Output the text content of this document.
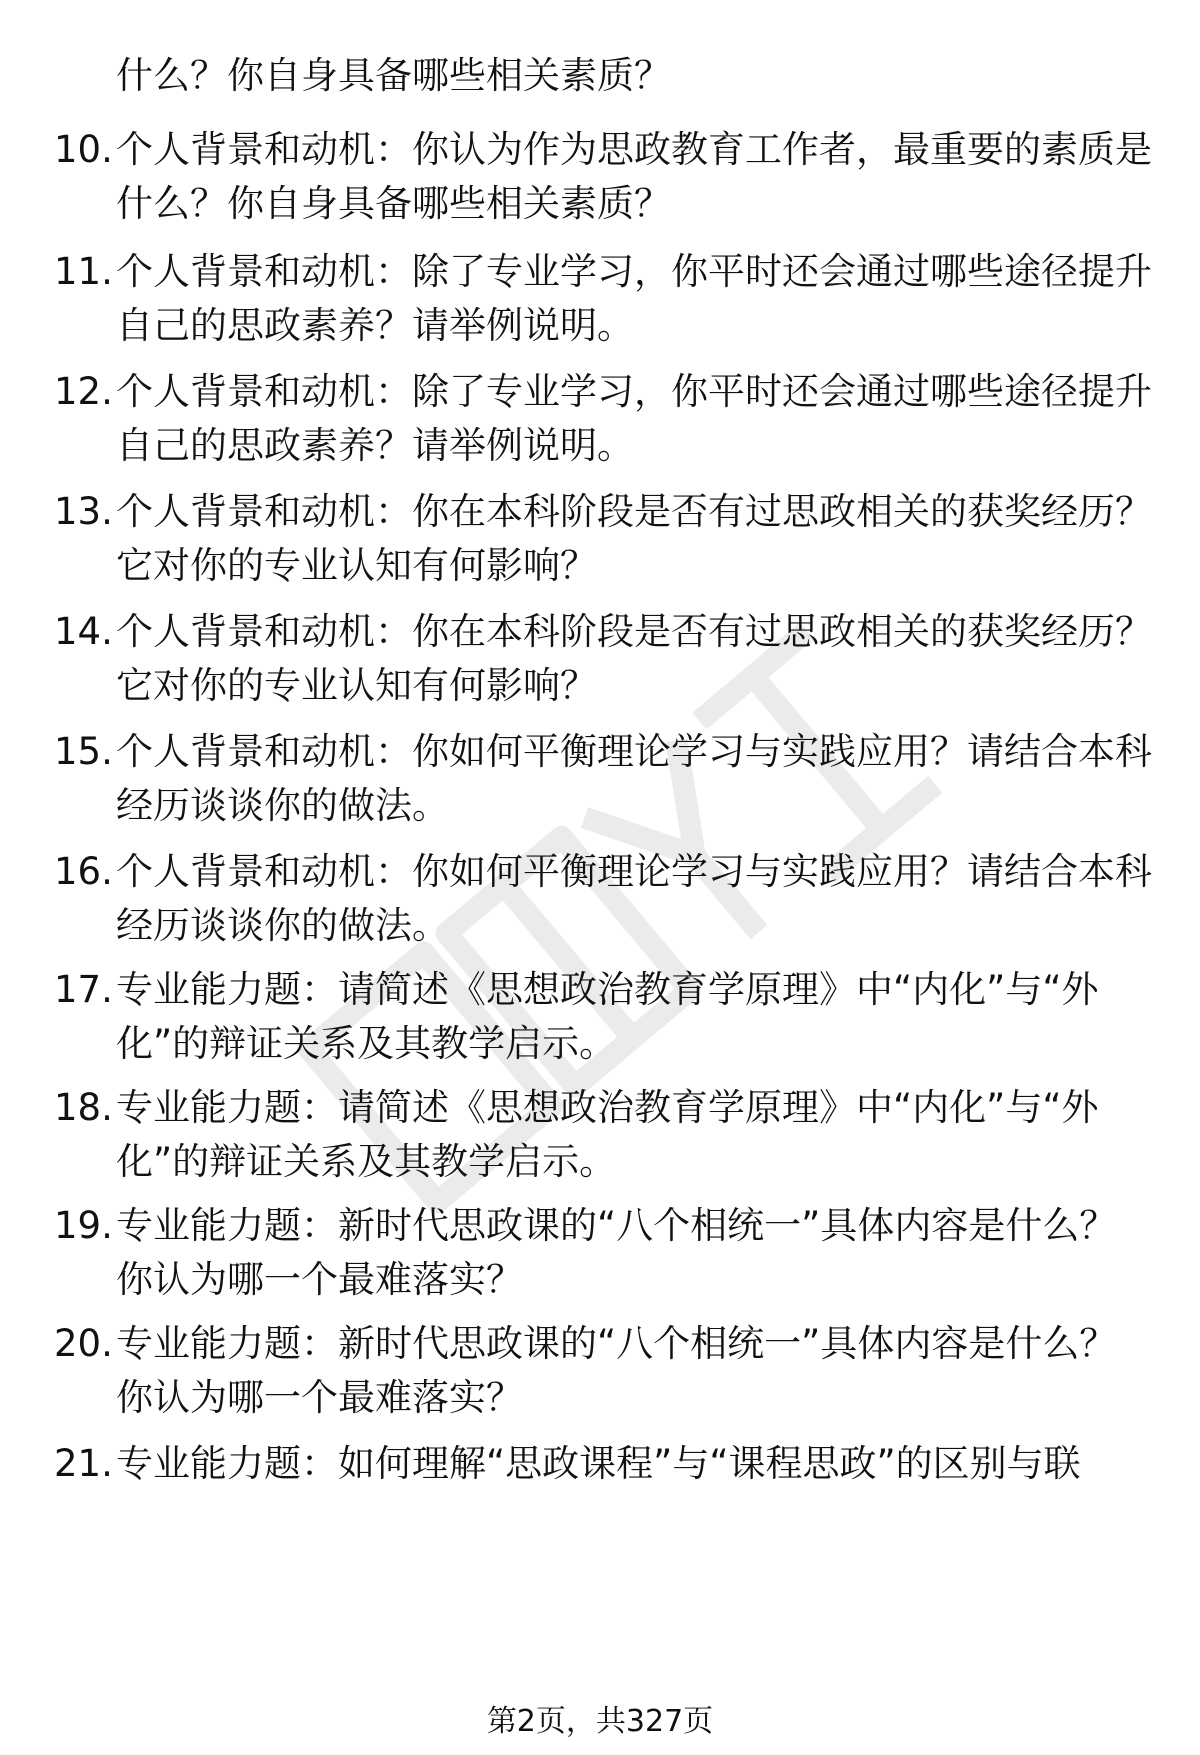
什么？你自身具备哪些相关素质？
10. 个人背景和动机：你认为作为思政教育工作者，最重要的素质是
什么？你自身具备哪些相关素质？
11. 个人背景和动机：除了专业学习，你平时还会通过哪些途径提升
自己的思政素养？请举例说明。
12. 个人背景和动机：除了专业学习，你平时还会通过哪些途径提升
自己的思政素养？请举例说明。
13. 个人背景和动机：你在本科阶段是否有过思政相关的获奖经历？
它对你的专业认知有何影响？
14. 个人背景和动机：你在本科阶段是否有过思政相关的获奖经历？
它对你的专业认知有何影响？
15. 个人背景和动机：你如何平衡理论学习与实践应用？请结合本科
经历谈谈你的做法。
16. 个人背景和动机：你如何平衡理论学习与实践应用？请结合本科
经历谈谈你的做法。
17. 专业能力题：请简述《思想政治教育学原理》中“内化”与“外
化”的辩证关系及其教学启示。
18. 专业能力题：请简述《思想政治教育学原理》中“内化”与“外
化”的辩证关系及其教学启示。
19. 专业能力题：新时代思政课的“八个相统一”具体内容是什么？
你认为哪一个最难落实？
20. 专业能力题：新时代思政课的“八个相统一”具体内容是什么？
你认为哪一个最难落实？
21. 专业能力题：如何理解“思政课程”与“课程思政”的区别与联
第2页，共327页
